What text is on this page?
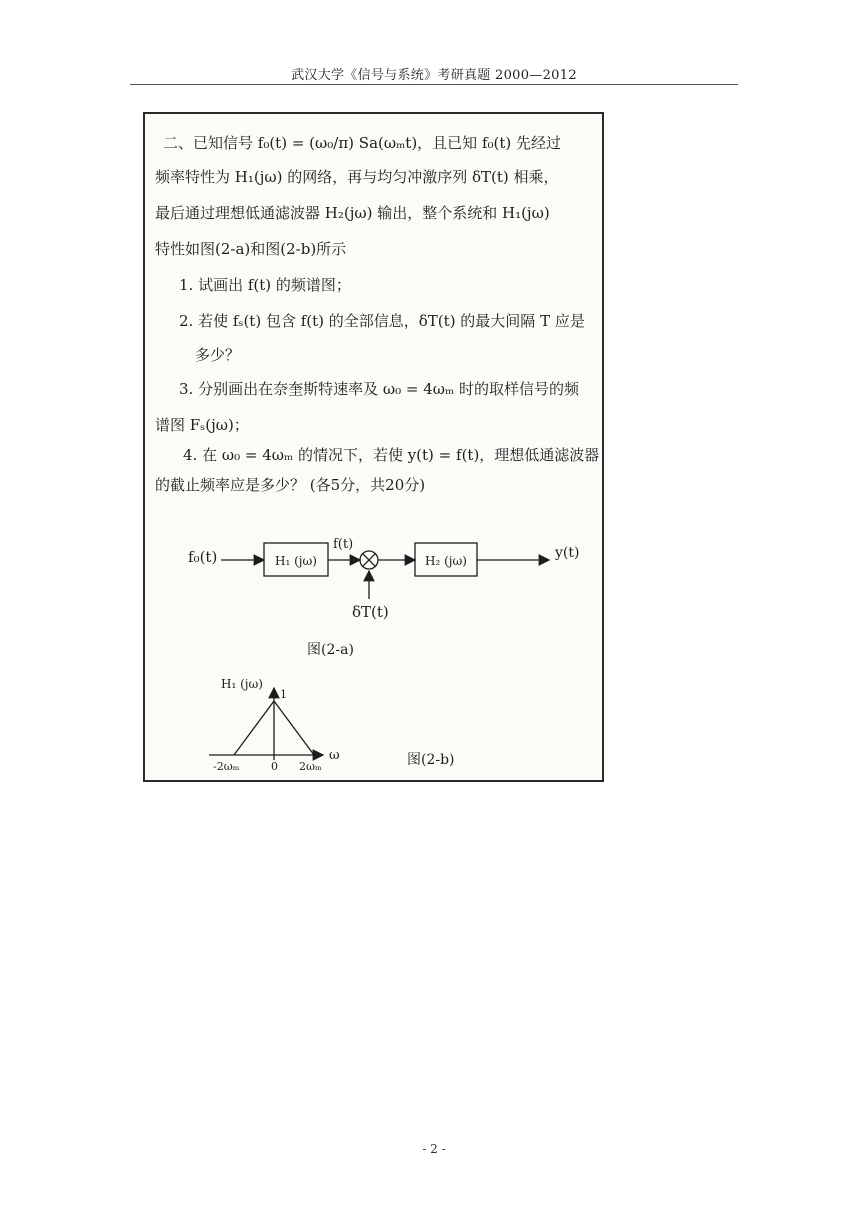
武汉大学《信号与系统》考研真题 2000—2012
二、已知信号 f₀(t) = (ω₀/π) Sa(ωₘt)，且已知 f₀(t) 先经过
频率特性为 H₁(jω) 的网络，再与均匀冲激序列 δT(t) 相乘，
最后通过理想低通滤波器 H₂(jω) 输出，整个系统和 H₁(jω)
特性如图(2-a)和图(2-b)所示
1. 试画出 f(t) 的频谱图；
2. 若使 fₛ(t) 包含 f(t) 的全部信息，δT(t) 的最大间隔 T 应是
多少？
3. 分别画出在奈奎斯特速率及 ω₀ = 4ωₘ 时的取样信号的频
谱图 Fₛ(jω)；
4. 在 ω₀ = 4ωₘ 的情况下，若使 y(t) = f(t)，理想低通滤波器
的截止频率应是多少？ (各5分，共20分)
f₀(t)	H₁ (jω)
f(t)
H₂ (jω)	y(t)
δT(t)
图(2-a)
H₁ (jω)
1
ω
-2ωₘ	0 2ωₘ	图(2-b)
- 2 -
